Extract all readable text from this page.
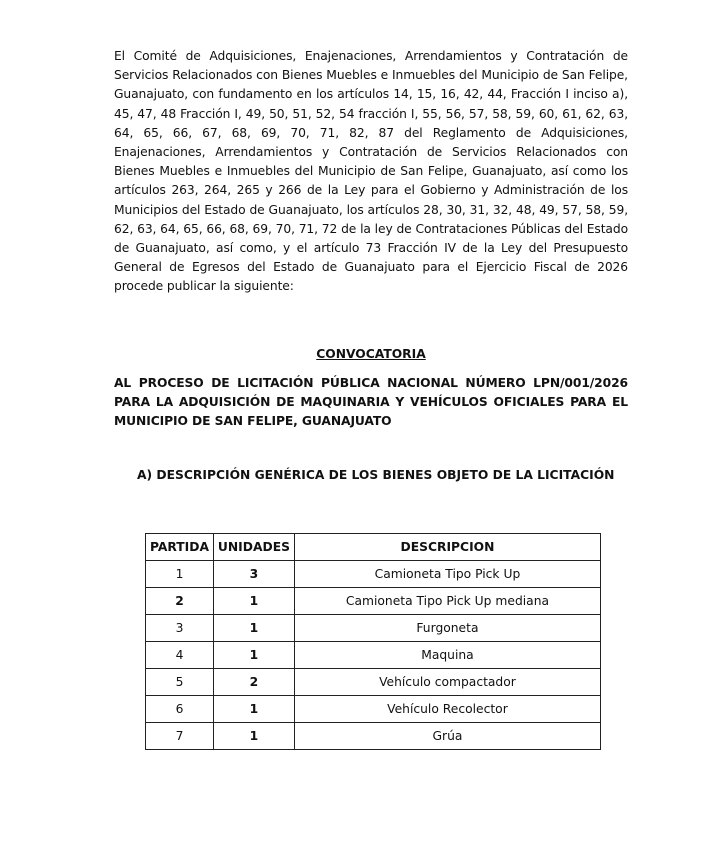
El Comité de Adquisiciones, Enajenaciones, Arrendamientos y Contratación de Servicios Relacionados con Bienes Muebles e Inmuebles del Municipio de San Felipe, Guanajuato, con fundamento en los artículos 14, 15, 16, 42, 44, Fracción I inciso a), 45, 47, 48 Fracción I, 49, 50, 51, 52, 54 fracción I, 55, 56, 57, 58, 59, 60, 61, 62, 63, 64, 65, 66, 67, 68, 69, 70, 71, 82, 87 del Reglamento de Adquisiciones, Enajenaciones, Arrendamientos y Contratación de Servicios Relacionados con Bienes Muebles e Inmuebles del Municipio de San Felipe, Guanajuato, así como los artículos 263, 264, 265 y 266 de la Ley para el Gobierno y Administración de los Municipios del Estado de Guanajuato, los artículos 28, 30, 31, 32, 48, 49, 57, 58, 59, 62, 63, 64, 65, 66, 68, 69, 70, 71, 72 de la ley de Contrataciones Públicas del Estado de Guanajuato, así como, y el artículo 73 Fracción IV de la Ley del Presupuesto General de Egresos del Estado de Guanajuato para el Ejercicio Fiscal de 2026 procede publicar la siguiente:

CONVOCATORIA

AL PROCESO DE LICITACIÓN PÚBLICA NACIONAL NÚMERO LPN/001/2026 PARA LA ADQUISICIÓN DE MAQUINARIA Y VEHÍCULOS OFICIALES PARA EL MUNICIPIO DE SAN FELIPE, GUANAJUATO

A) DESCRIPCIÓN GENÉRICA DE LOS BIENES OBJETO DE LA LICITACIÓN

PARTIDA	UNIDADES	DESCRIPCION
1	3	Camioneta Tipo Pick Up
2	1	Camioneta Tipo Pick Up mediana
3	1	Furgoneta
4	1	Maquina
5	2	Vehículo compactador
6	1	Vehículo Recolector
7	1	Grúa
